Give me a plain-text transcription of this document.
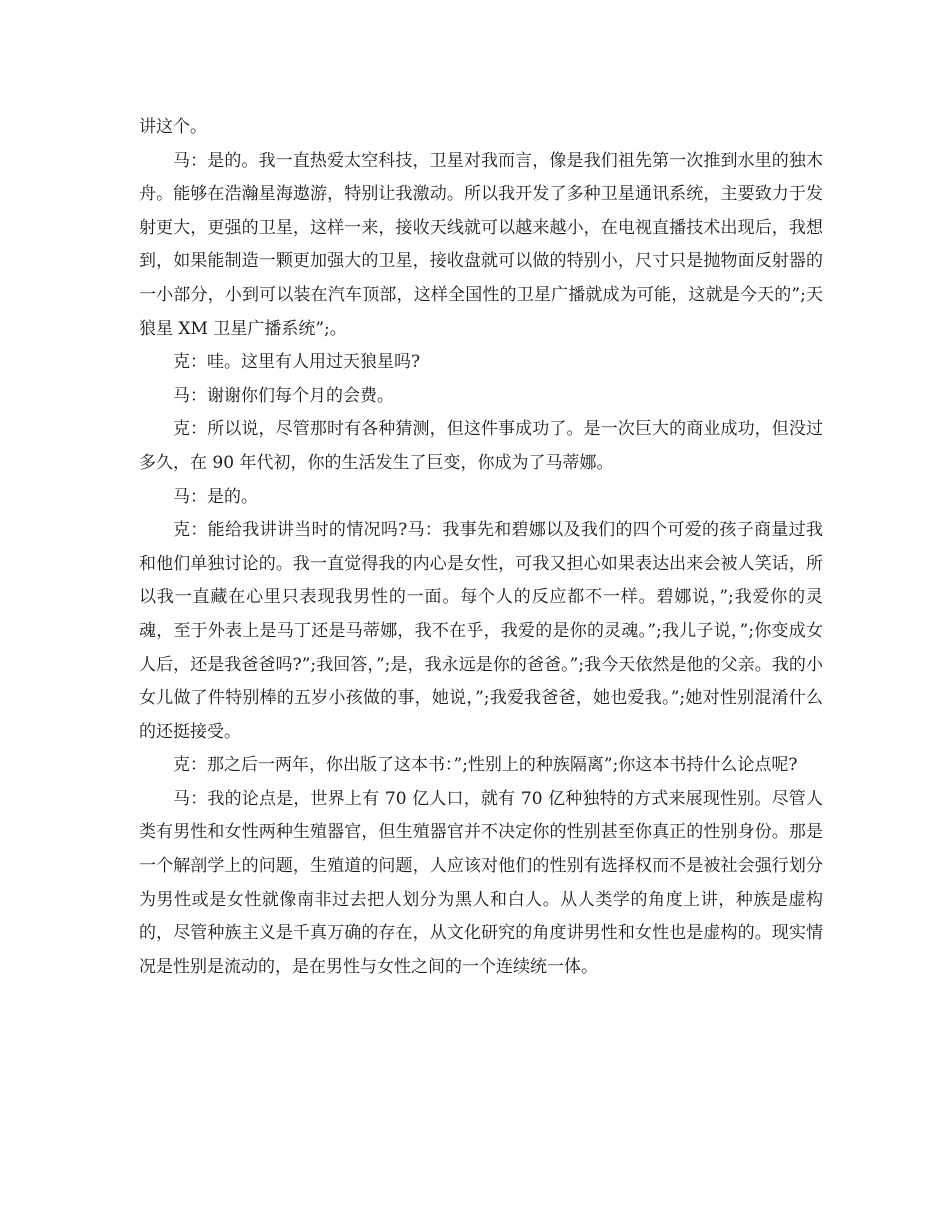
讲这个。

马：是的。我一直热爱太空科技，卫星对我而言，像是我们祖先第一次推到水里的独木舟。能够在浩瀚星海遨游，特别让我激动。所以我开发了多种卫星通讯系统，主要致力于发射更大，更强的卫星，这样一来，接收天线就可以越来越小，在电视直播技术出现后，我想到，如果能制造一颗更加强大的卫星，接收盘就可以做的特别小，尺寸只是抛物面反射器的一小部分，小到可以装在汽车顶部，这样全国性的卫星广播就成为可能，这就是今天的”;天狼星 XM 卫星广播系统”;。

克：哇。这里有人用过天狼星吗?

马：谢谢你们每个月的会费。

克：所以说，尽管那时有各种猜测，但这件事成功了。是一次巨大的商业成功，但没过多久，在 90 年代初，你的生活发生了巨变，你成为了马蒂娜。

马：是的。

克：能给我讲讲当时的情况吗?马：我事先和碧娜以及我们的四个可爱的孩子商量过我和他们单独讨论的。我一直觉得我的内心是女性，可我又担心如果表达出来会被人笑话，所以我一直藏在心里只表现我男性的一面。每个人的反应都不一样。碧娜说，”;我爱你的灵魂，至于外表上是马丁还是马蒂娜，我不在乎，我爱的是你的灵魂。”;我儿子说，”;你变成女人后，还是我爸爸吗?”;我回答，”;是，我永远是你的爸爸。”;我今天依然是他的父亲。我的小女儿做了件特别棒的五岁小孩做的事，她说，”;我爱我爸爸，她也爱我。”;她对性别混淆什么的还挺接受。

克：那之后一两年，你出版了这本书：”;性别上的种族隔离”;你这本书持什么论点呢?

马：我的论点是，世界上有 70 亿人口，就有 70 亿种独特的方式来展现性别。尽管人类有男性和女性两种生殖器官，但生殖器官并不决定你的性别甚至你真正的性别身份。那是一个解剖学上的问题，生殖道的问题，人应该对他们的性别有选择权而不是被社会强行划分为男性或是女性就像南非过去把人划分为黑人和白人。从人类学的角度上讲，种族是虚构的，尽管种族主义是千真万确的存在，从文化研究的角度讲男性和女性也是虚构的。现实情况是性别是流动的，是在男性与女性之间的一个连续统一体。
